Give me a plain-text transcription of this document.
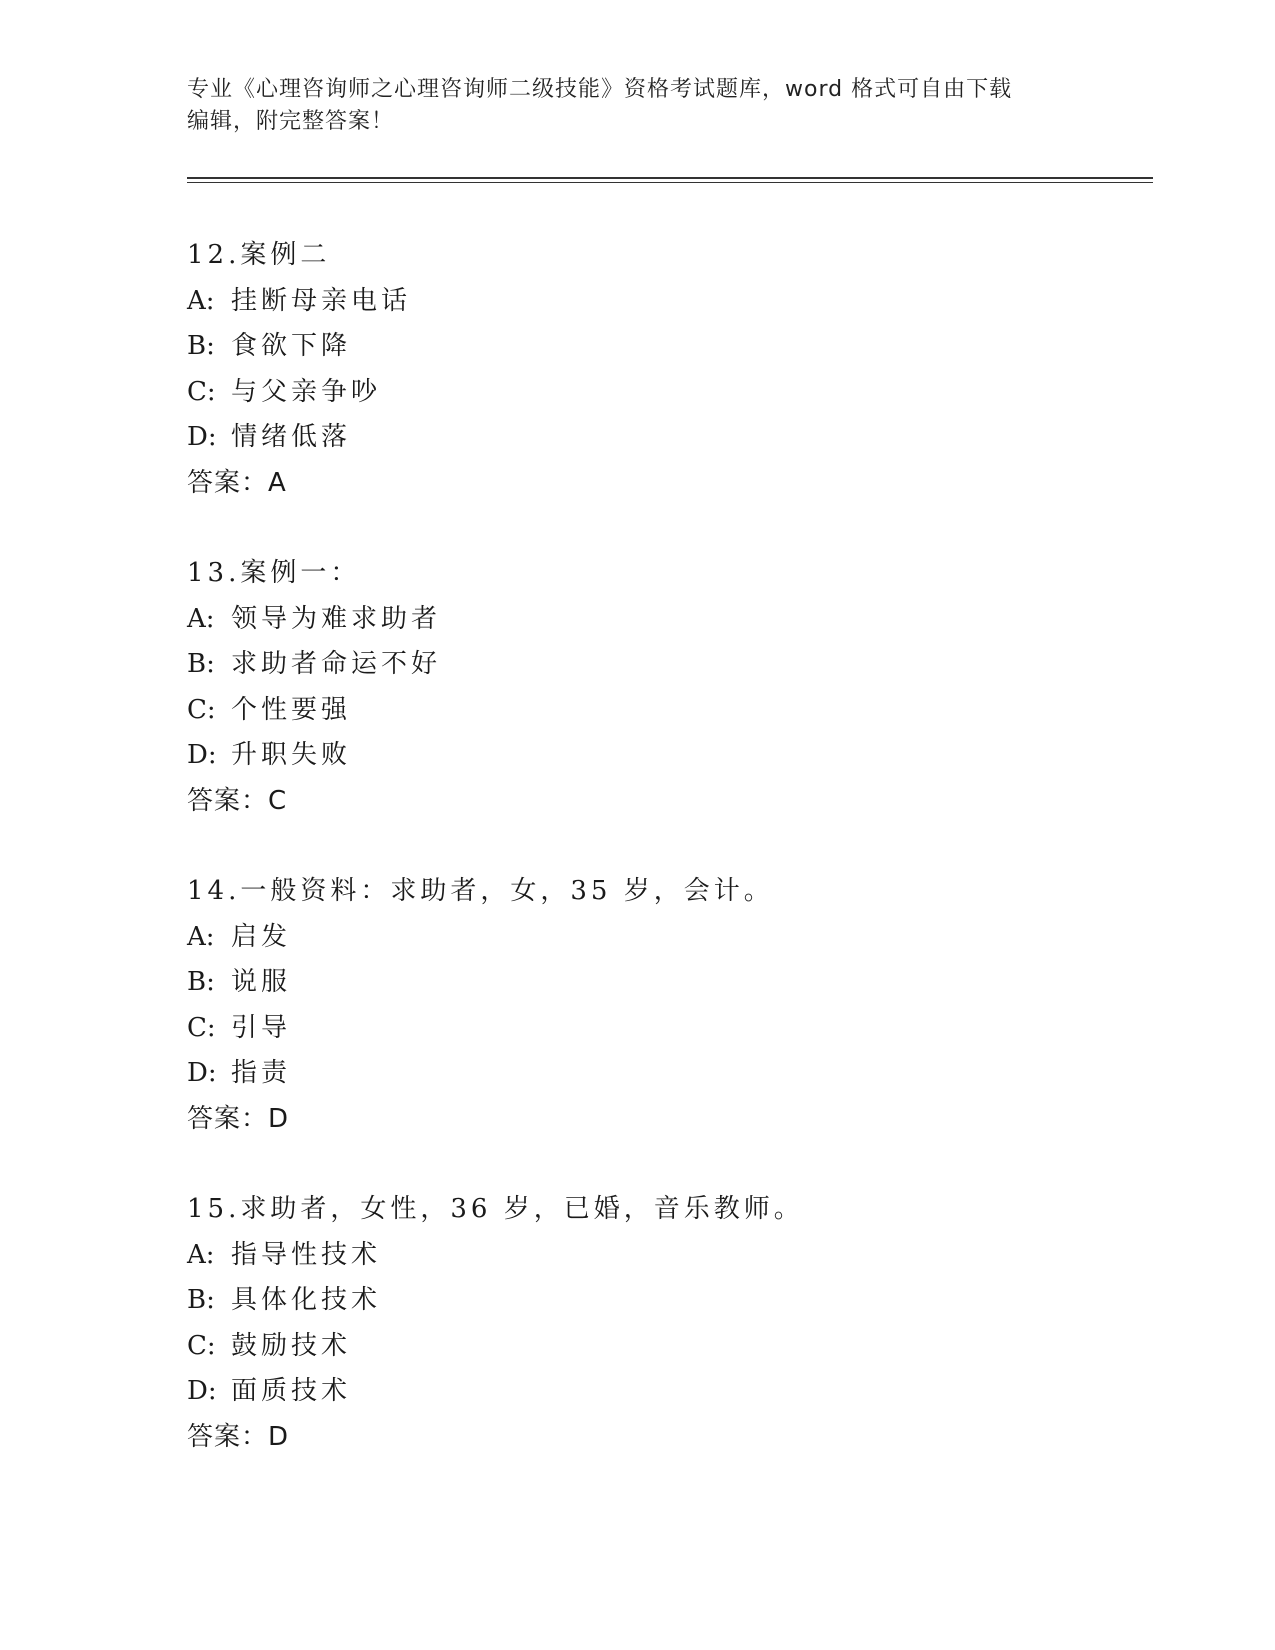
专业《心理咨询师之心理咨询师二级技能》资格考试题库，word 格式可自由下载
编辑，附完整答案！
12.案例二
A: 挂断母亲电话
B: 食欲下降
C: 与父亲争吵
D: 情绪低落
答案：A
13.案例一：
A: 领导为难求助者
B: 求助者命运不好
C: 个性要强
D: 升职失败
答案：C
14.一般资料：求助者，女，35 岁，会计。
A: 启发
B: 说服
C: 引导
D: 指责
答案：D
15.求助者，女性，36 岁，已婚，音乐教师。
A: 指导性技术
B: 具体化技术
C: 鼓励技术
D: 面质技术
答案：D
